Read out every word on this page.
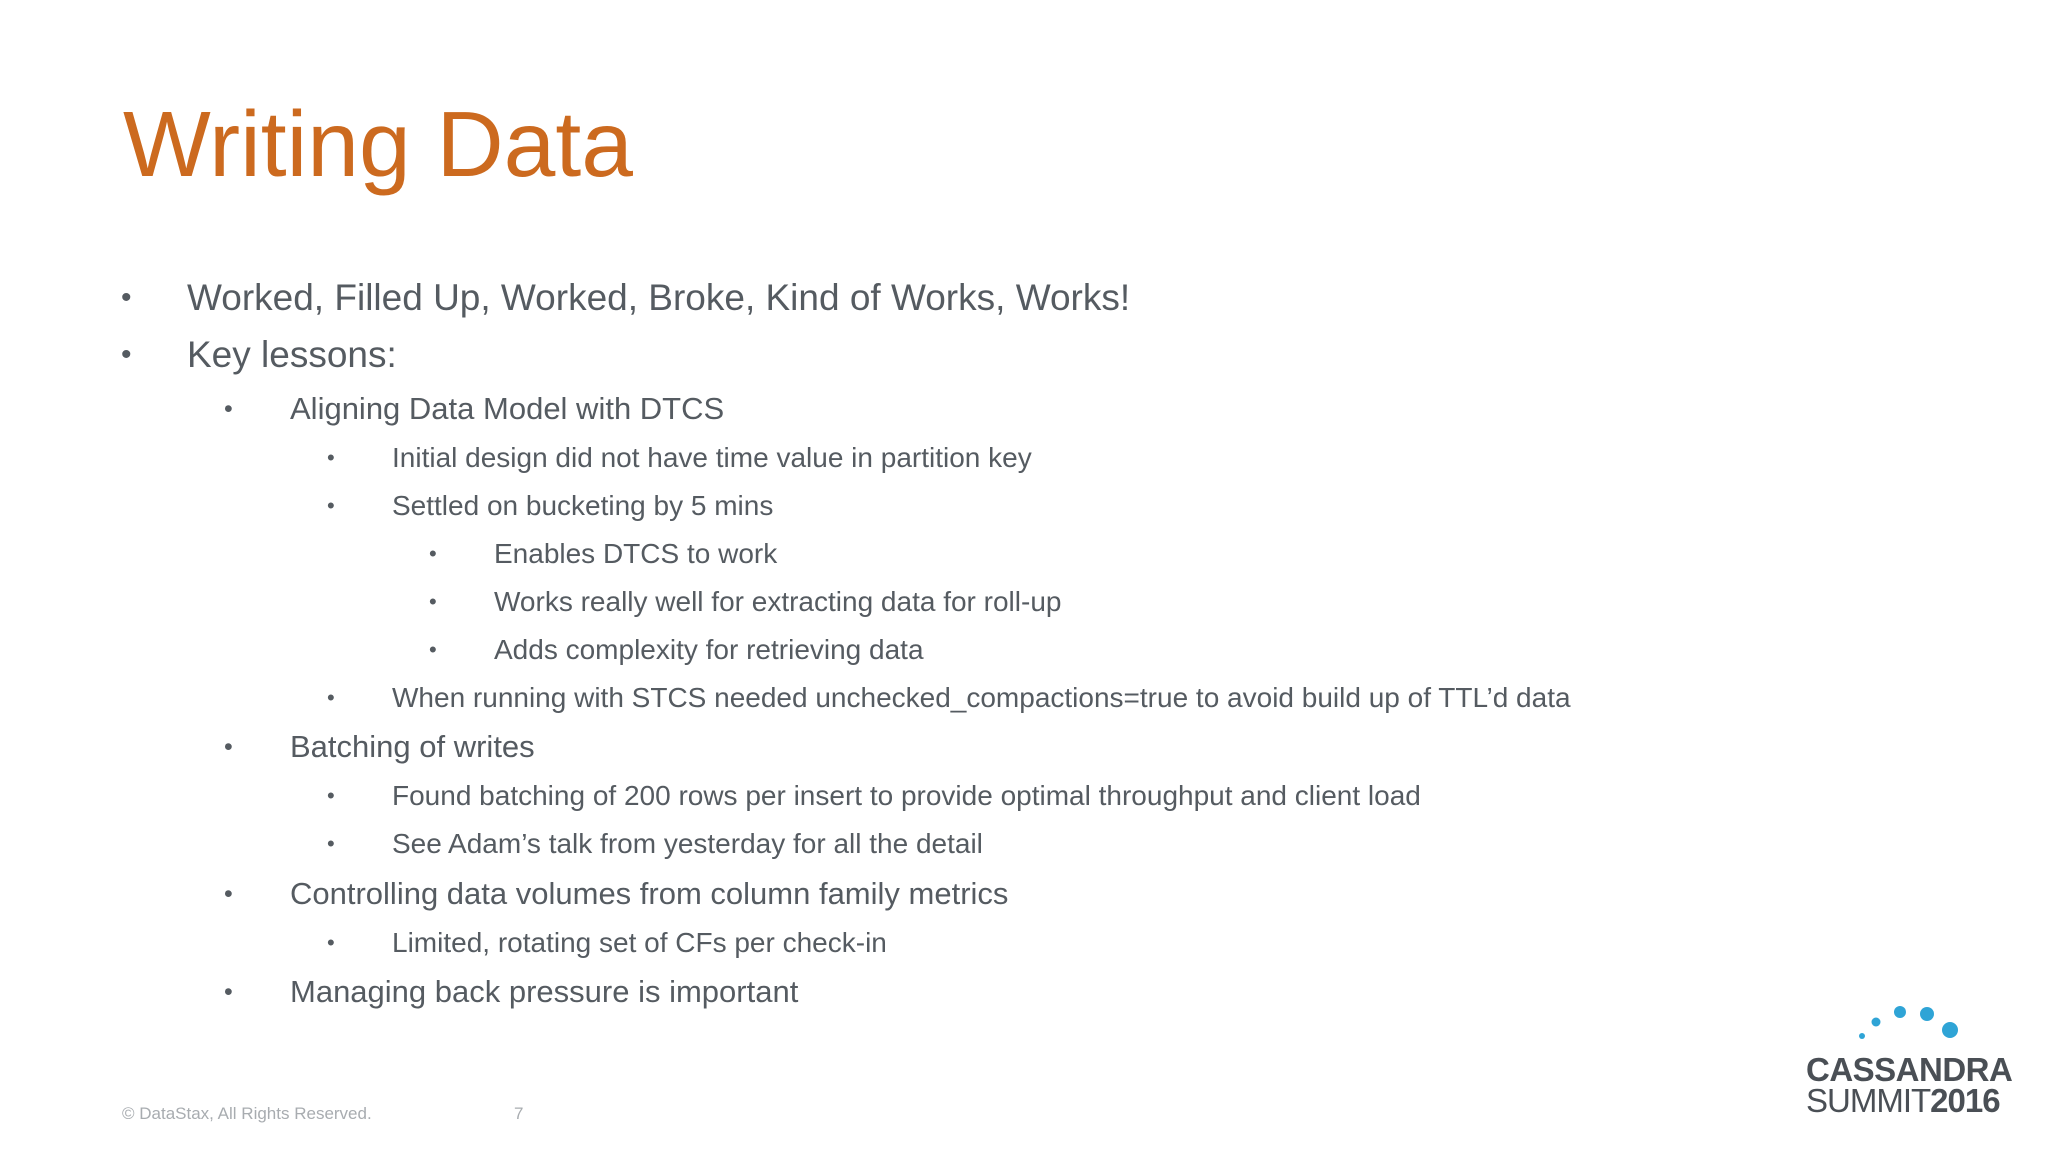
Writing Data
• Worked, Filled Up, Worked, Broke, Kind of Works, Works!
• Key lessons:
• Aligning Data Model with DTCS
• Initial design did not have time value in partition key
• Settled on bucketing by 5 mins
• Enables DTCS to work
• Works really well for extracting data for roll-up
• Adds complexity for retrieving data
• When running with STCS needed unchecked_compactions=true to avoid build up of TTL’d data
• Batching of writes
• Found batching of 200 rows per insert to provide optimal throughput and client load
• See Adam’s talk from yesterday for all the detail
• Controlling data volumes from column family metrics
• Limited, rotating set of CFs per check-in
• Managing back pressure is important
© DataStax, All Rights Reserved.	7
CASSANDRA
SUMMIT2016
